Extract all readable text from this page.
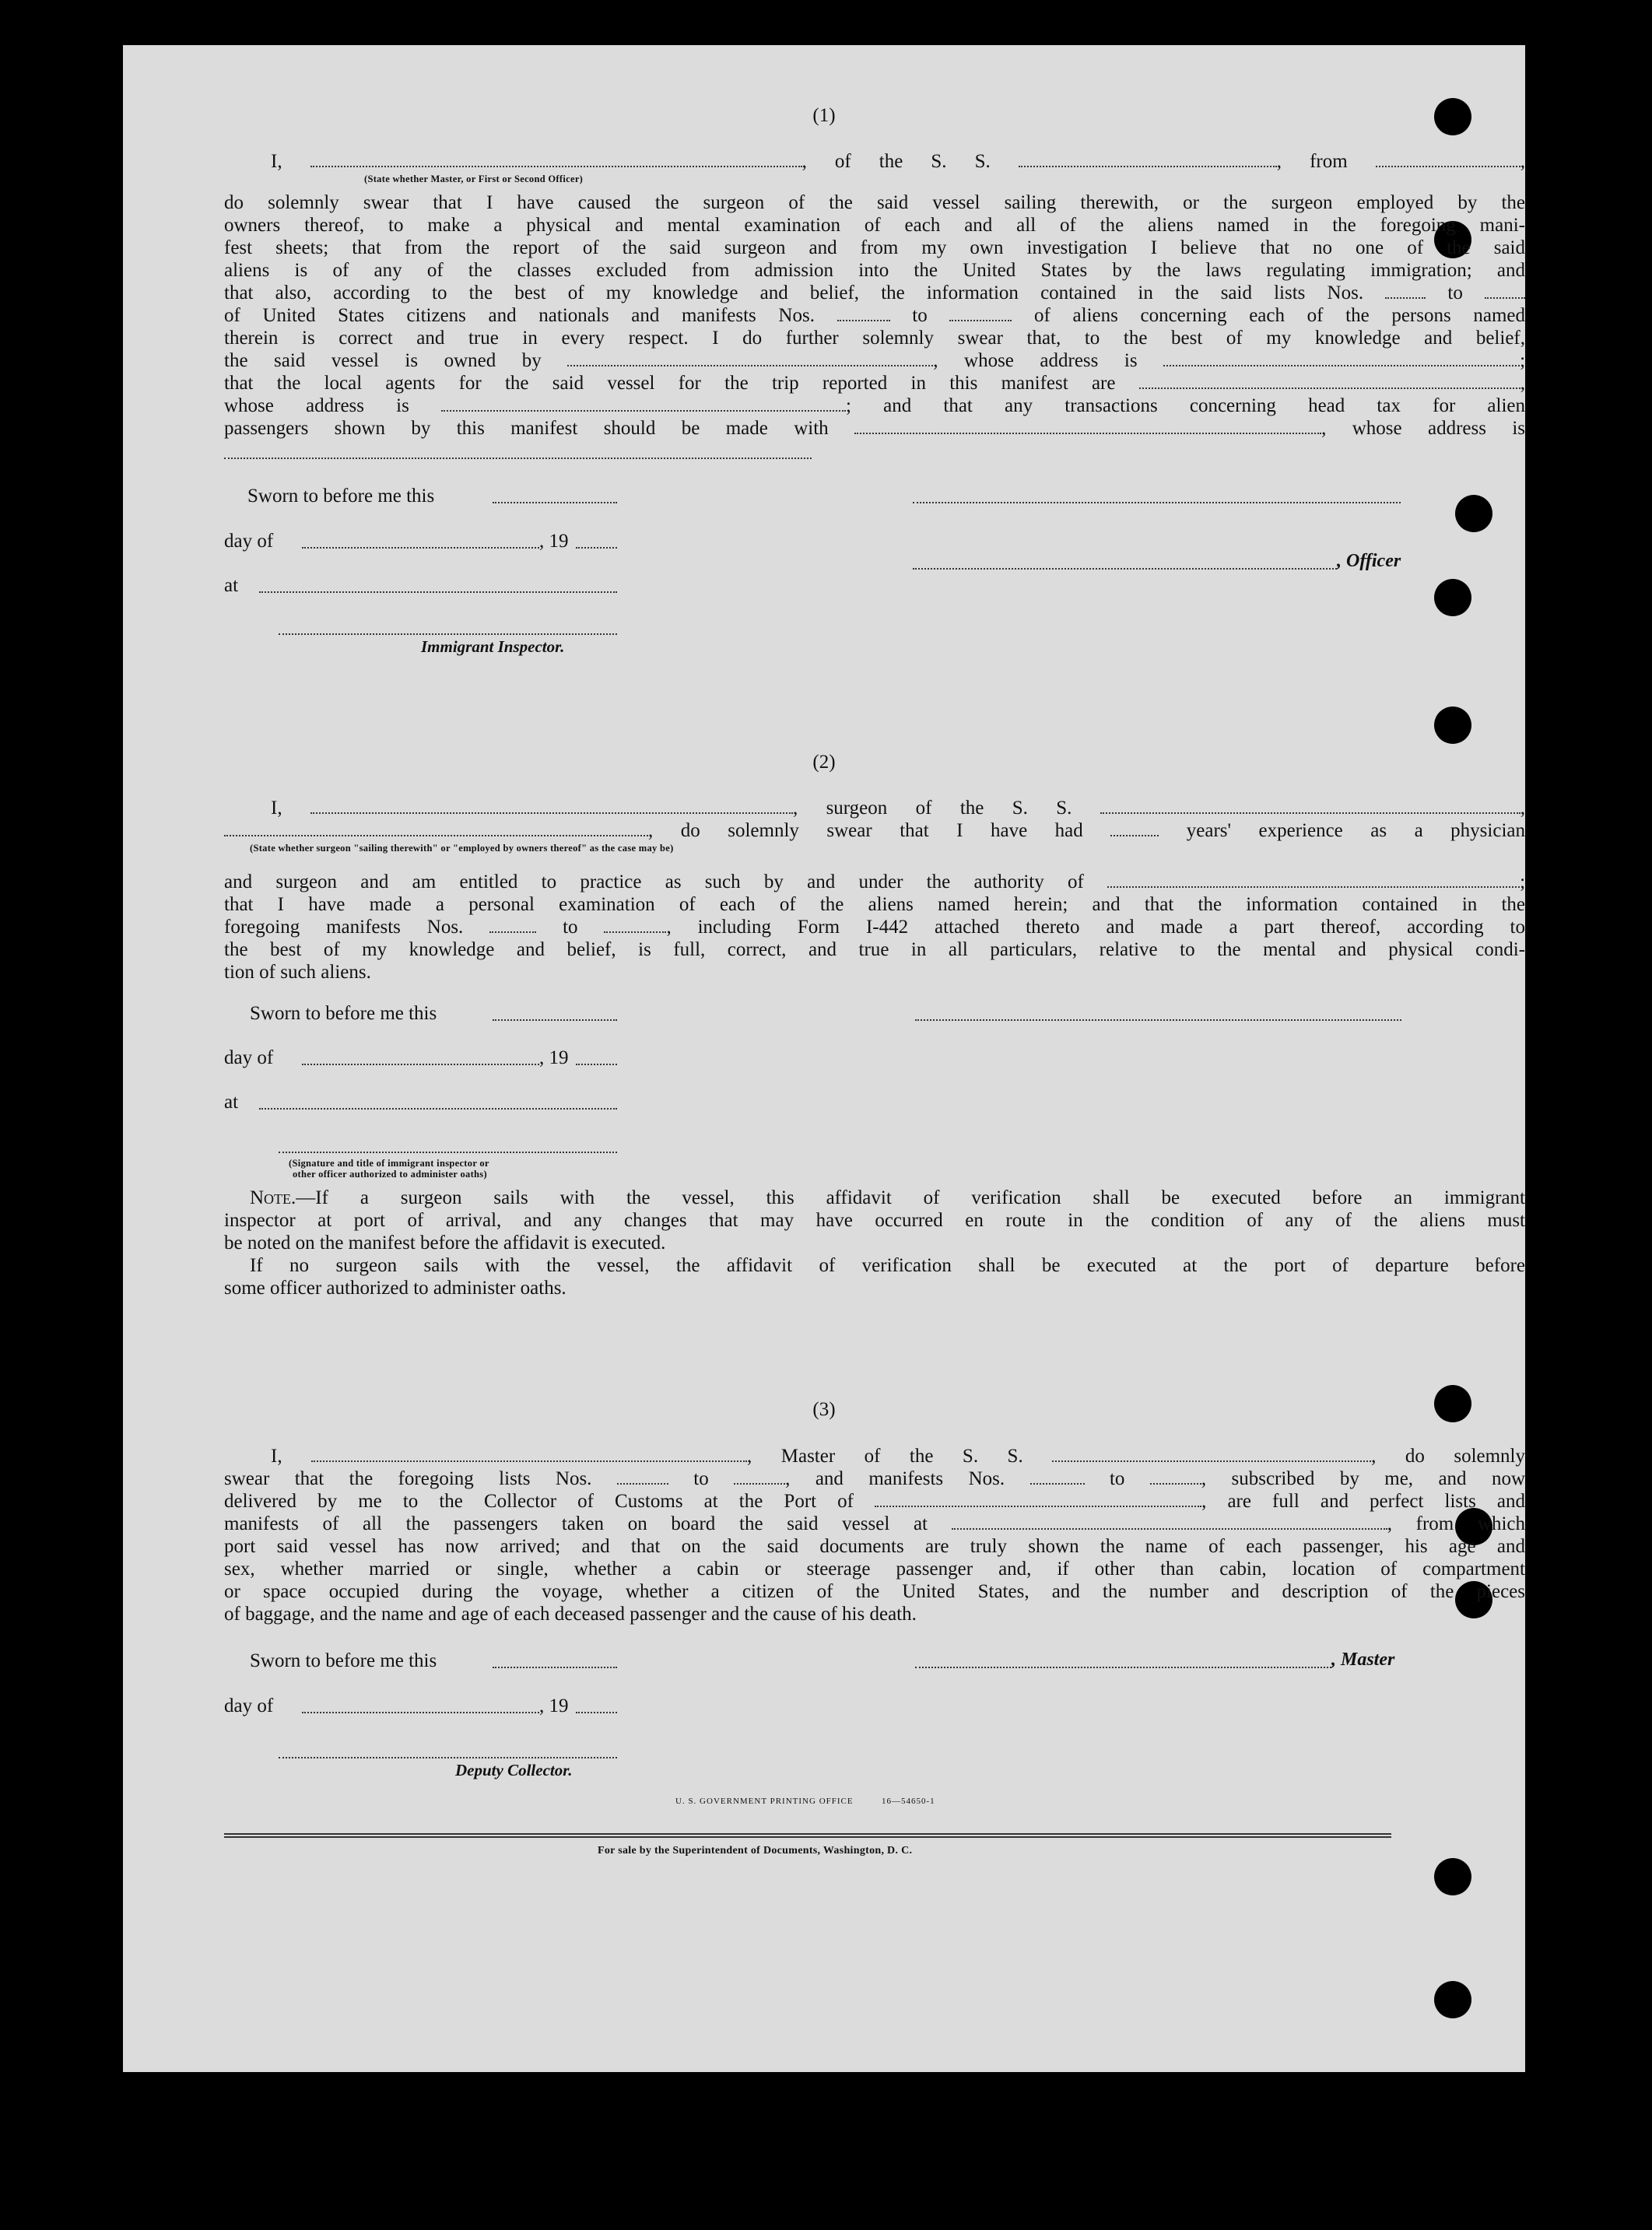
(1)
I,	, of the S. S.	, from	,
(State whether Master, or First or Second Officer)
do solemnly swear that I have caused the surgeon of the said vessel sailing therewith, or the surgeon employed by the
owners thereof, to make a physical and mental examination of each and all of the aliens named in the foregoing mani-
fest sheets; that from the report of the said surgeon and from my own investigation I believe that no one of the said
aliens is of any of the classes excluded from admission into the United States by the laws regulating immigration; and
that also, according to the best of my knowledge and belief, the information contained in the said lists Nos.	to
of United States citizens and nationals and manifests Nos.	to	of aliens concerning each of the persons named
therein is correct and true in every respect. I do further solemnly swear that, to the best of my knowledge and belief,
the said vessel is owned by	, whose address is	;
that the local agents for the said vessel for the trip reported in this manifest are	,
whose address is	; and that any transactions concerning head tax for alien
passengers shown by this manifest should be made with	, whose address is
Sworn to before me this
day of	, 19
, Officer
at
Immigrant Inspector.
(2)
I,	, surgeon of the S. S.	,
, do solemnly swear that I have had	years' experience as a physician
(State whether surgeon "sailing therewith" or "employed by owners thereof" as the case may be)
and surgeon and am entitled to practice as such by and under the authority of	;
that I have made a personal examination of each of the aliens named herein; and that the information contained in the
foregoing manifests Nos.	to	, including Form I-442 attached thereto and made a part thereof, according to
the best of my knowledge and belief, is full, correct, and true in all particulars, relative to the mental and physical condi-
tion of such aliens.
Sworn to before me this
day of	, 19
at
(Signature and title of immigrant inspector or
other officer authorized to administer oaths)
Note.—If a surgeon sails with the vessel, this affidavit of verification shall be executed before an immigrant
inspector at port of arrival, and any changes that may have occurred en route in the condition of any of the aliens must
be noted on the manifest before the affidavit is executed.
If no surgeon sails with the vessel, the affidavit of verification shall be executed at the port of departure before
some officer authorized to administer oaths.
(3)
I,	, Master of the S. S.	, do solemnly
swear that the foregoing lists Nos.	to	, and manifests Nos.	to	, subscribed by me, and now
delivered by me to the Collector of Customs at the Port of	, are full and perfect lists and
manifests of all the passengers taken on board the said vessel at	, from which
port said vessel has now arrived; and that on the said documents are truly shown the name of each passenger, his age and
sex, whether married or single, whether a cabin or steerage passenger and, if other than cabin, location of compartment
or space occupied during the voyage, whether a citizen of the United States, and the number and description of the pieces
of baggage, and the name and age of each deceased passenger and the cause of his death.
Sworn to before me this	, Master
day of	, 19
Deputy Collector.
U. S. GOVERNMENT PRINTING OFFICE	16—54650-1
For sale by the Superintendent of Documents, Washington, D. C.
